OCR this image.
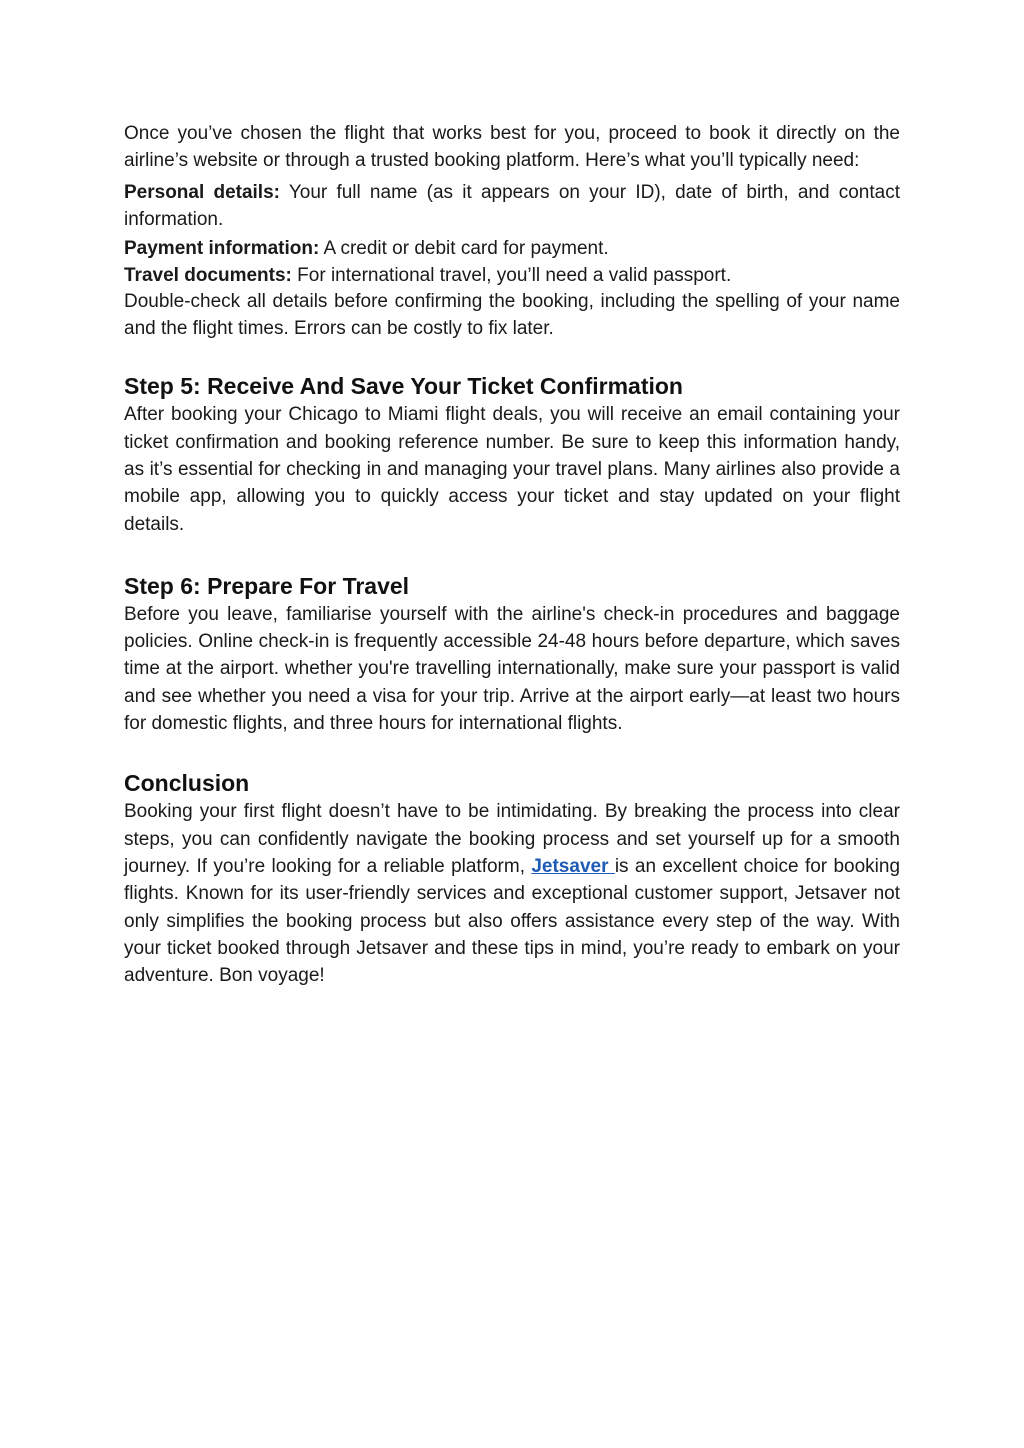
Once you’ve chosen the flight that works best for you, proceed to book it directly on the airline’s website or through a trusted booking platform. Here’s what you’ll typically need:

Personal details: Your full name (as it appears on your ID), date of birth, and contact information.

Payment information: A credit or debit card for payment.

Travel documents: For international travel, you’ll need a valid passport.

Double-check all details before confirming the booking, including the spelling of your name and the flight times. Errors can be costly to fix later.

Step 5: Receive And Save Your Ticket Confirmation

After booking your Chicago to Miami flight deals, you will receive an email containing your ticket confirmation and booking reference number. Be sure to keep this information handy, as it’s essential for checking in and managing your travel plans. Many airlines also provide a mobile app, allowing you to quickly access your ticket and stay updated on your flight details.

Step 6: Prepare For Travel

Before you leave, familiarise yourself with the airline's check-in procedures and baggage policies. Online check-in is frequently accessible 24-48 hours before departure, which saves time at the airport. whether you're travelling internationally, make sure your passport is valid and see whether you need a visa for your trip. Arrive at the airport early—at least two hours for domestic flights, and three hours for international flights.

Conclusion

Booking your first flight doesn’t have to be intimidating. By breaking the process into clear steps, you can confidently navigate the booking process and set yourself up for a smooth journey. If you’re looking for a reliable platform, Jetsaver is an excellent choice for booking flights. Known for its user-friendly services and exceptional customer support, Jetsaver not only simplifies the booking process but also offers assistance every step of the way. With your ticket booked through Jetsaver and these tips in mind, you’re ready to embark on your adventure. Bon voyage!
